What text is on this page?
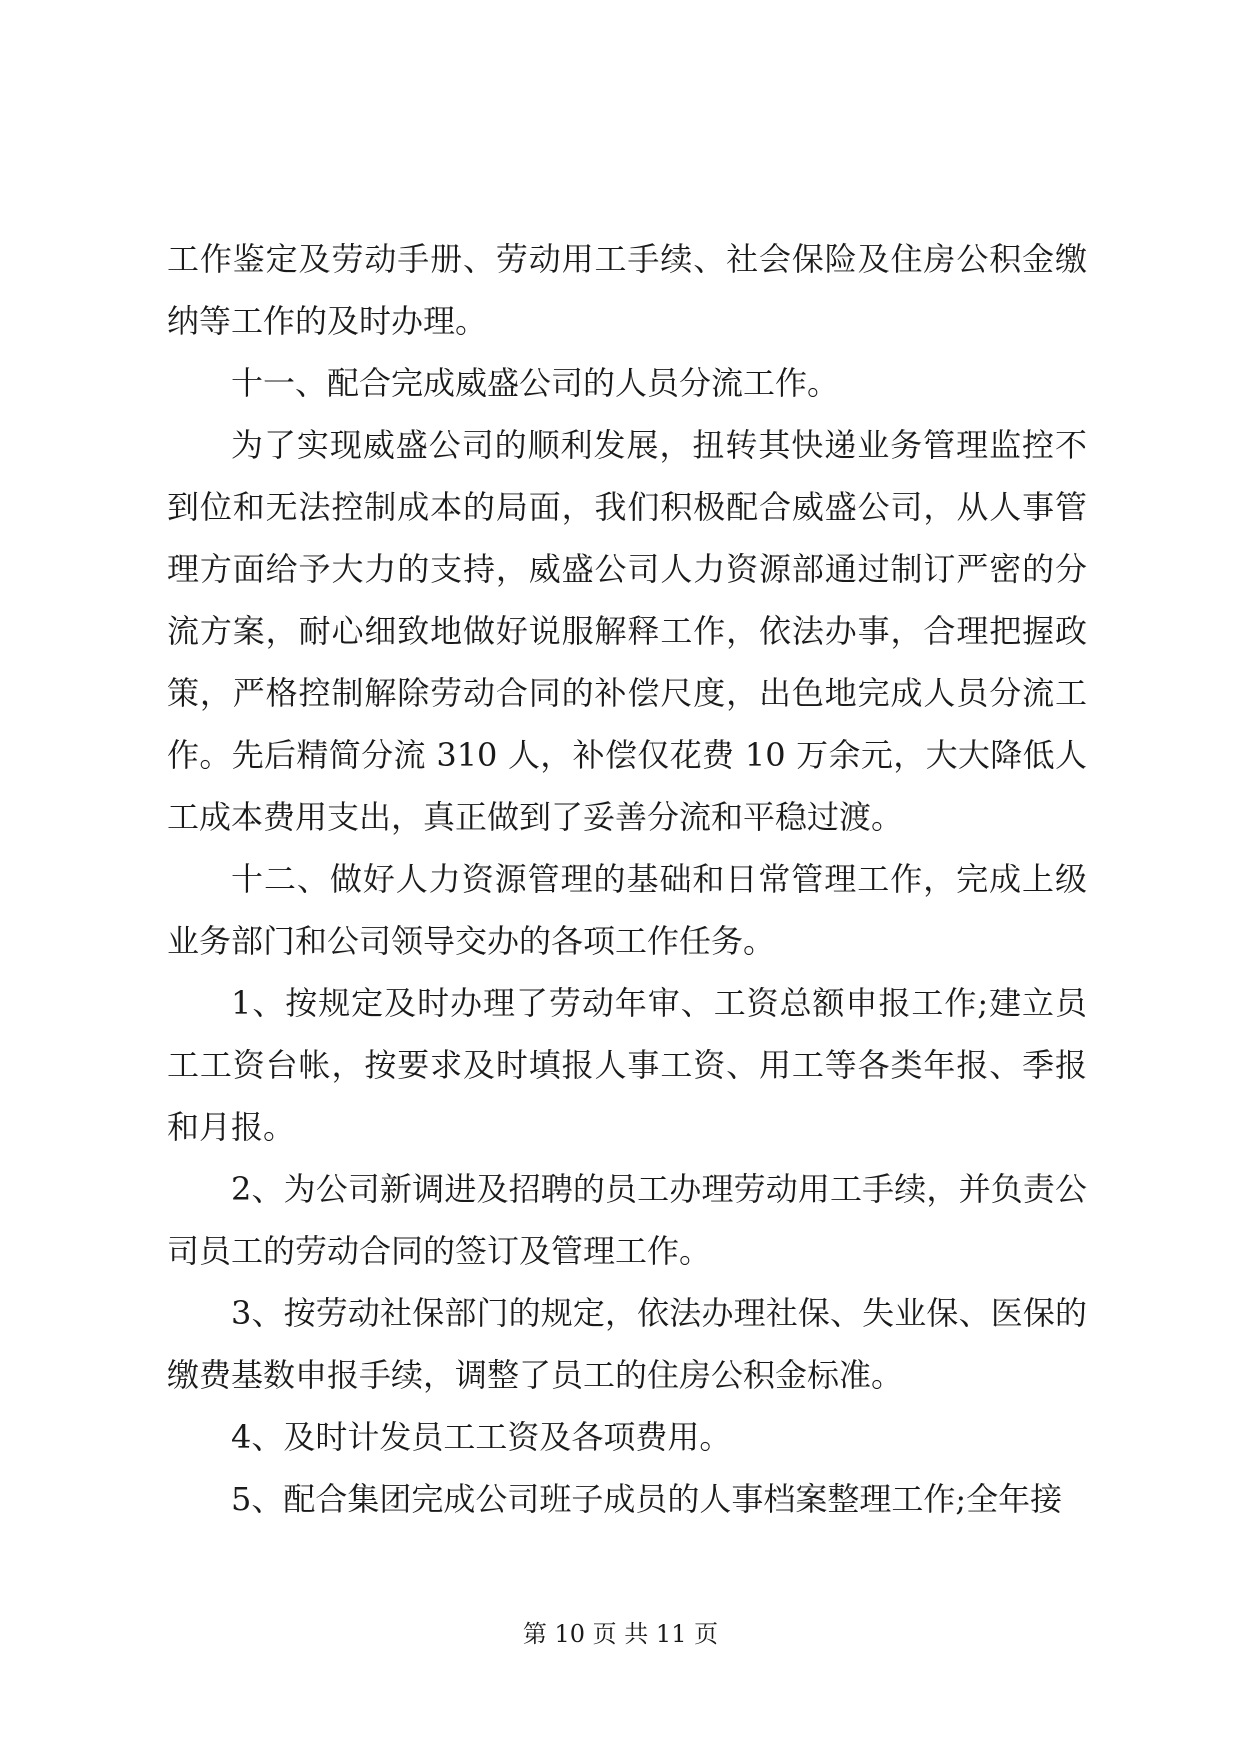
工作鉴定及劳动手册、劳动用工手续、社会保险及住房公积金缴纳等工作的及时办理。

十一、配合完成威盛公司的人员分流工作。

为了实现威盛公司的顺利发展，扭转其快递业务管理监控不到位和无法控制成本的局面，我们积极配合威盛公司，从人事管理方面给予大力的支持，威盛公司人力资源部通过制订严密的分流方案，耐心细致地做好说服解释工作，依法办事，合理把握政策，严格控制解除劳动合同的补偿尺度，出色地完成人员分流工作。先后精简分流 310 人，补偿仅花费 10 万余元，大大降低人工成本费用支出，真正做到了妥善分流和平稳过渡。

十二、做好人力资源管理的基础和日常管理工作，完成上级业务部门和公司领导交办的各项工作任务。

1、按规定及时办理了劳动年审、工资总额申报工作;建立员工工资台帐，按要求及时填报人事工资、用工等各类年报、季报和月报。

2、为公司新调进及招聘的员工办理劳动用工手续，并负责公司员工的劳动合同的签订及管理工作。

3、按劳动社保部门的规定，依法办理社保、失业保、医保的缴费基数申报手续，调整了员工的住房公积金标准。

4、及时计发员工工资及各项费用。

5、配合集团完成公司班子成员的人事档案整理工作;全年接

第 10 页 共 11 页
